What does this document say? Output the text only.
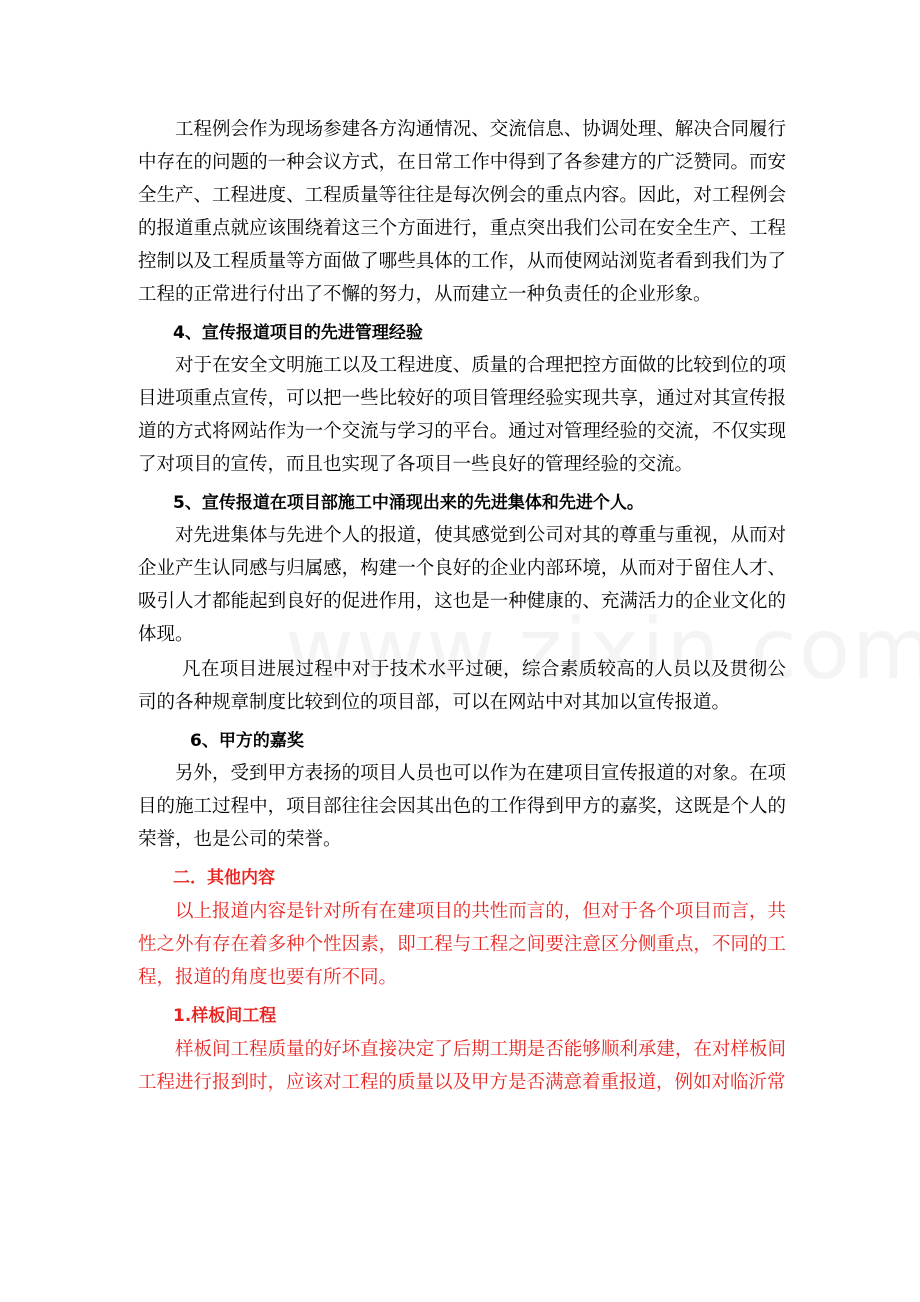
工程例会作为现场参建各方沟通情况、交流信息、协调处理、解决合同履行中存在的问题的一种会议方式，在日常工作中得到了各参建方的广泛赞同。而安全生产、工程进度、工程质量等往往是每次例会的重点内容。因此，对工程例会的报道重点就应该围绕着这三个方面进行，重点突出我们公司在安全生产、工程控制以及工程质量等方面做了哪些具体的工作，从而使网站浏览者看到我们为了工程的正常进行付出了不懈的努力，从而建立一种负责任的企业形象。

4、宣传报道项目的先进管理经验

对于在安全文明施工以及工程进度、质量的合理把控方面做的比较到位的项目进项重点宣传，可以把一些比较好的项目管理经验实现共享，通过对其宣传报道的方式将网站作为一个交流与学习的平台。通过对管理经验的交流，不仅实现了对项目的宣传，而且也实现了各项目一些良好的管理经验的交流。

5、宣传报道在项目部施工中涌现出来的先进集体和先进个人。

对先进集体与先进个人的报道，使其感觉到公司对其的尊重与重视，从而对企业产生认同感与归属感，构建一个良好的企业内部环境，从而对于留住人才、吸引人才都能起到良好的促进作用，这也是一种健康的、充满活力的企业文化的体现。

凡在项目进展过程中对于技术水平过硬，综合素质较高的人员以及贯彻公司的各种规章制度比较到位的项目部，可以在网站中对其加以宣传报道。

6、甲方的嘉奖

另外，受到甲方表扬的项目人员也可以作为在建项目宣传报道的对象。在项目的施工过程中，项目部往往会因其出色的工作得到甲方的嘉奖，这既是个人的荣誉，也是公司的荣誉。

二．其他内容

以上报道内容是针对所有在建项目的共性而言的，但对于各个项目而言，共性之外有存在着多种个性因素，即工程与工程之间要注意区分侧重点，不同的工程，报道的角度也要有所不同。

1.样板间工程

样板间工程质量的好坏直接决定了后期工期是否能够顺利承建，在对样板间工程进行报到时，应该对工程的质量以及甲方是否满意着重报道，例如对临沂常
